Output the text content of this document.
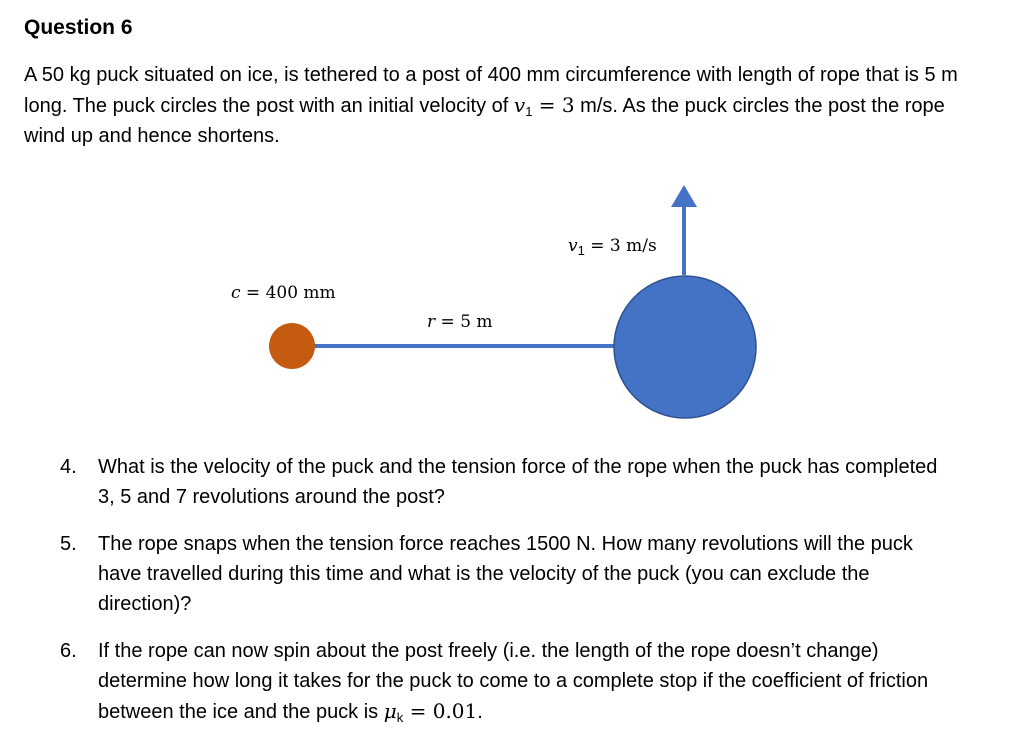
Question 6

A 50 kg puck situated on ice, is tethered to a post of 400 mm circumference with length of rope that is 5 m long. The puck circles the post with an initial velocity of $v_1 = 3$ m/s. As the puck circles the post the rope wind up and hence shortens.

c = 400 mm
r = 5 m
$v_1 = 3$ m/s
4. What is the velocity of the puck and the tension force of the rope when the puck has completed 3, 5 and 7 revolutions around the post?
5. The rope snaps when the tension force reaches 1500 N. How many revolutions will the puck have travelled during this time and what is the velocity of the puck (you can exclude the direction)?
6. If the rope can now spin about the post freely (i.e. the length of the rope doesn’t change) determine how long it takes for the puck to come to a complete stop if the coefficient of friction between the ice and the puck is $\mu_k = 0.01$.
